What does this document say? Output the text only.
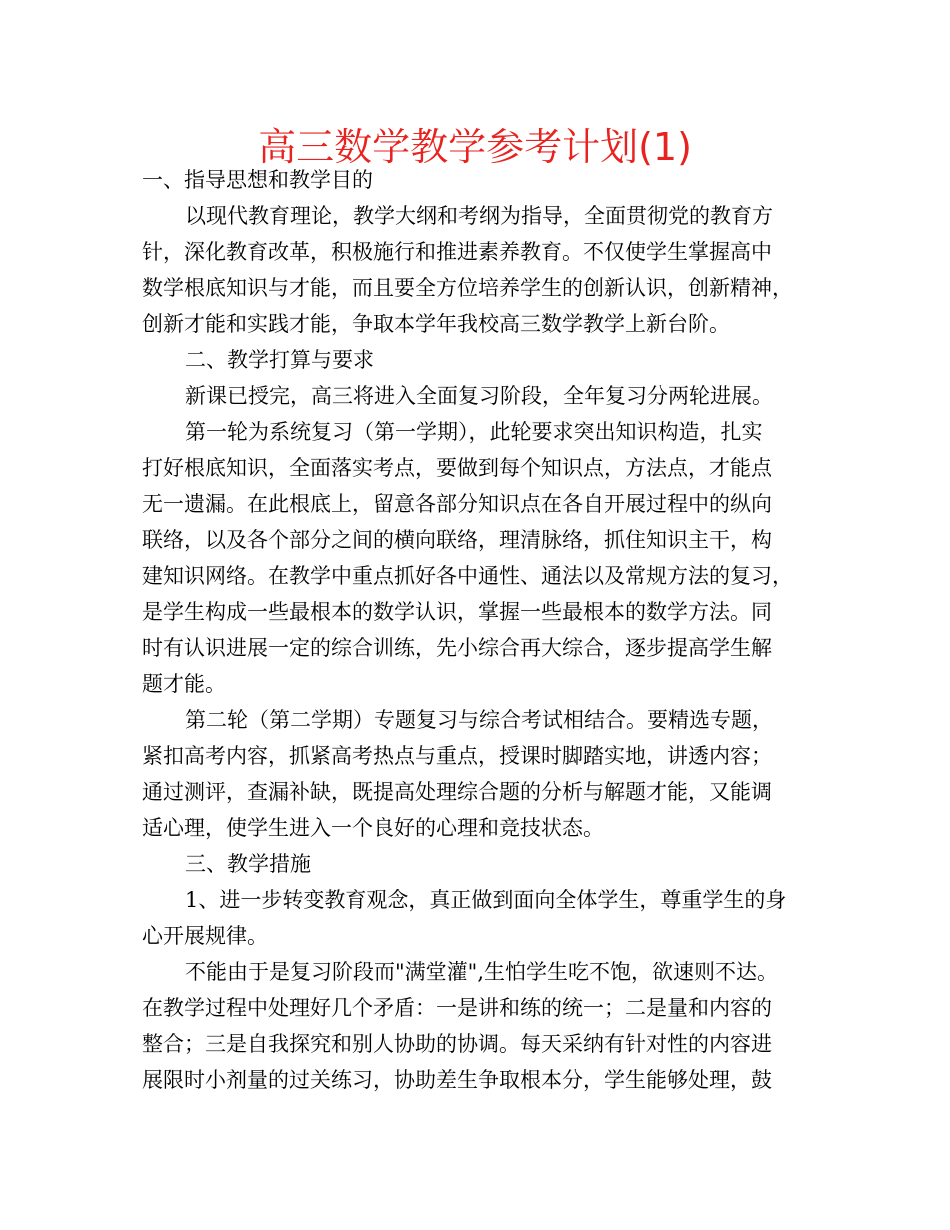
高三数学教学参考计划(1)

一、指导思想和教学目的

以现代教育理论，教学大纲和考纲为指导，全面贯彻党的教育方

针，深化教育改革，积极施行和推进素养教育。不仅使学生掌握高中

数学根底知识与才能，而且要全方位培养学生的创新认识，创新精神，

创新才能和实践才能，争取本学年我校高三数学教学上新台阶。

二、教学打算与要求

新课已授完，高三将进入全面复习阶段，全年复习分两轮进展。

第一轮为系统复习（第一学期），此轮要求突出知识构造，扎实

打好根底知识，全面落实考点，要做到每个知识点，方法点，才能点

无一遗漏。在此根底上，留意各部分知识点在各自开展过程中的纵向

联络，以及各个部分之间的横向联络，理清脉络，抓住知识主干，构

建知识网络。在教学中重点抓好各中通性、通法以及常规方法的复习，

是学生构成一些最根本的数学认识，掌握一些最根本的数学方法。同

时有认识进展一定的综合训练，先小综合再大综合，逐步提高学生解

题才能。

第二轮（第二学期）专题复习与综合考试相结合。要精选专题，

紧扣高考内容，抓紧高考热点与重点，授课时脚踏实地，讲透内容；

通过测评，查漏补缺，既提高处理综合题的分析与解题才能，又能调

适心理，使学生进入一个良好的心理和竞技状态。

三、教学措施

1、进一步转变教育观念，真正做到面向全体学生，尊重学生的身

心开展规律。

不能由于是复习阶段而"满堂灌",生怕学生吃不饱，欲速则不达。

在教学过程中处理好几个矛盾：一是讲和练的统一；二是量和内容的

整合；三是自我探究和别人协助的协调。每天采纳有针对性的内容进

展限时小剂量的过关练习，协助差生争取根本分，学生能够处理，鼓
